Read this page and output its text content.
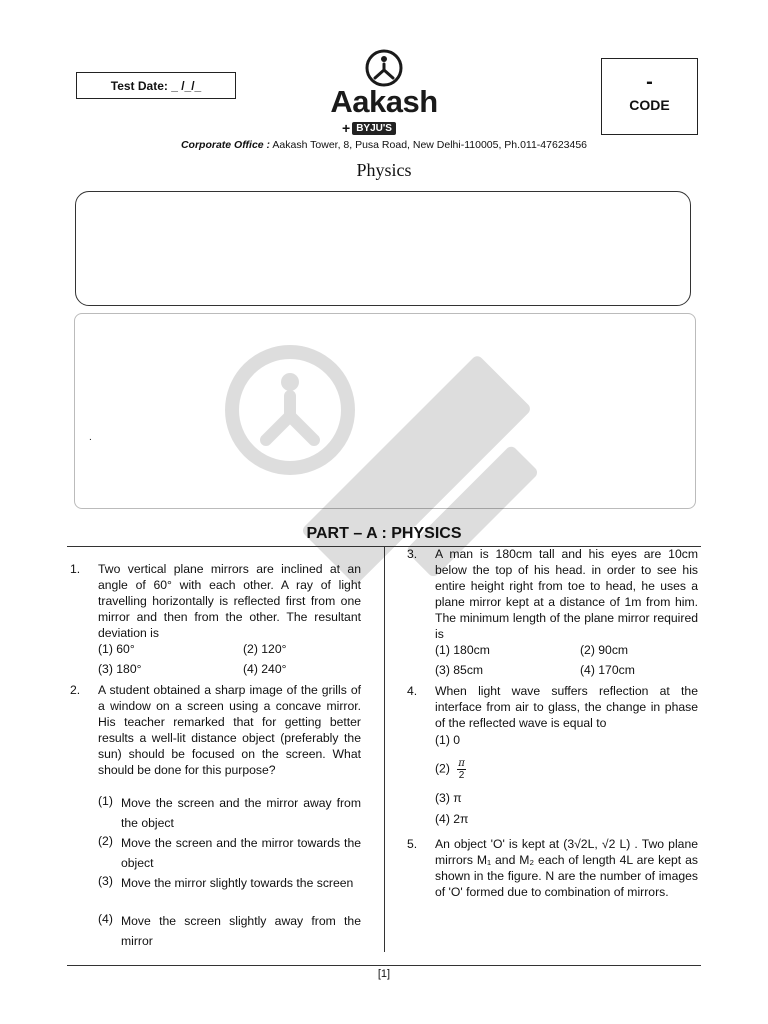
Test Date: _ /_/_	Aakash
+ BYJU'S
-
CODE
Corporate Office : Aakash Tower, 8, Pusa Road, New Delhi-110005, Ph.011-47623456
Physics
.
PART – A : PHYSICS
1. Two vertical plane mirrors are inclined at an angle of 60° with each other. A ray of light travelling horizontally is reflected first from one mirror and then from the other. The resultant deviation is
(1) 60°	(2) 120°
(3) 180°	(4) 240°
2. A student obtained a sharp image of the grills of a window on a screen using a concave mirror. His teacher remarked that for getting better results a well-lit distance object (preferably the sun) should be focused on the screen. What should be done for this purpose?
(1) Move the screen and the mirror away from the object
(2) Move the screen and the mirror towards the object
(3) Move the mirror slightly towards the screen
(4) Move the screen slightly away from the mirror
3. A man is 180cm tall and his eyes are 10cm below the top of his head. in order to see his entire height right from toe to head, he uses a plane mirror kept at a distance of 1m from him. The minimum length of the plane mirror required is
(1) 180cm	(2) 90cm
(3) 85cm	(4) 170cm
4. When light wave suffers reflection at the interface from air to glass, the change in phase of the reflected wave is equal to
(1) 0
$(2) \frac{\pi}{2}$
(3) π
(4) 2π
5. An object 'O' is kept at (3√2L, √2 L) . Two plane mirrors M₁ and M₂ each of length 4L are kept as shown in the figure. N are the number of images of 'O' formed due to combination of mirrors.
[1]
